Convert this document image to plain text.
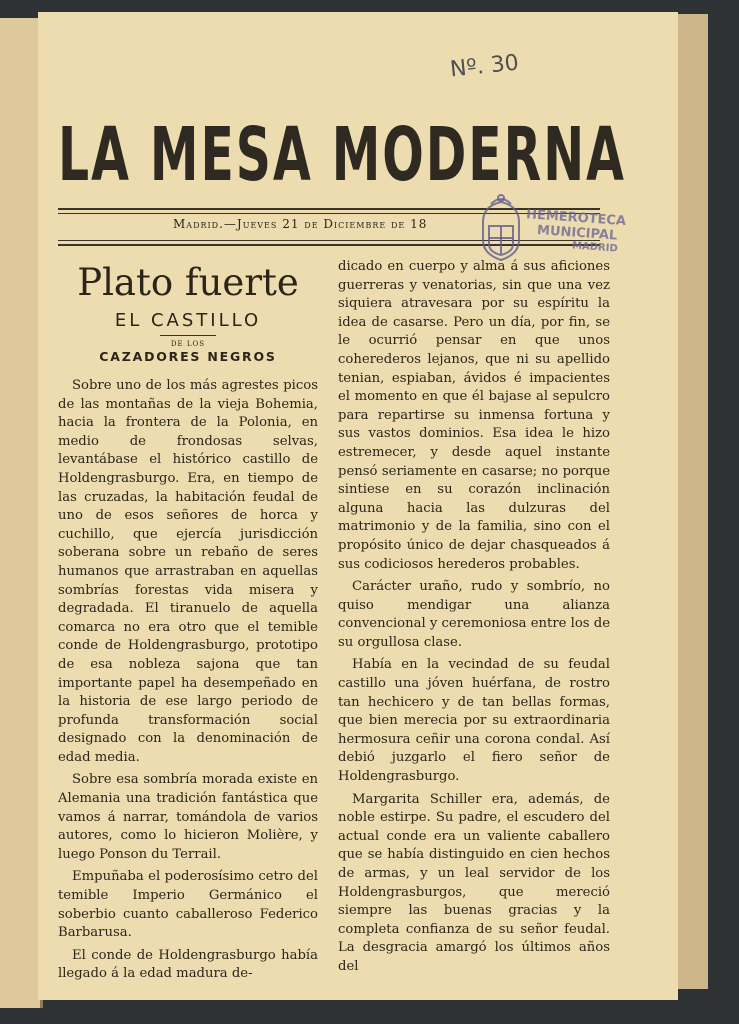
Nº. 30
LA MESA MODERNA
Madrid.—Jueves 21 de Diciembre de 18	HEMEROTECA
MUNICIPAL
MADRID
Plato fuerte
EL CASTILLO
DE LOS
CAZADORES NEGROS

Sobre uno de los más agrestes picos de las montañas de la vieja Bohemia, hacia la frontera de la Polonia, en medio de frondosas selvas, levantábase el histórico castillo de Holdengrasburgo. Era, en tiempo de las cruzadas, la habitación feudal de uno de esos señores de horca y cuchillo, que ejercía jurisdicción soberana sobre un rebaño de seres humanos que arrastraban en aquellas sombrías forestas vida misera y degradada. El tiranuelo de aquella comarca no era otro que el temible conde de Holdengrasburgo, prototipo de esa nobleza sajona que tan importante papel ha desempeñado en la historia de ese largo periodo de profunda transformación social designado con la denominación de edad media.

Sobre esa sombría morada existe en Alemania una tradición fantástica que vamos á narrar, tomándola de varios autores, como lo hicieron Molière, y luego Ponson du Terrail.

Empuñaba el poderosísimo cetro del temible Imperio Germánico el soberbio cuanto caballeroso Federico Barbarusa.

El conde de Holdengrasburgo había llegado á la edad madura de-

dicado en cuerpo y alma á sus aficiones guerreras y venatorias, sin que una vez siquiera atravesara por su espíritu la idea de casarse. Pero un día, por fin, se le ocurrió pensar en que unos coherederos lejanos, que ni su apellido tenian, espiaban, ávidos é impacientes el momento en que él bajase al sepulcro para repartirse su inmensa fortuna y sus vastos dominios. Esa idea le hizo estremecer, y desde aquel instante pensó seriamente en casarse; no porque sintiese en su corazón inclinación alguna hacia las dulzuras del matrimonio y de la familia, sino con el propósito único de dejar chasqueados á sus codiciosos herederos probables.

Carácter uraño, rudo y sombrío, no quiso mendigar una alianza convencional y ceremoniosa entre los de su orgullosa clase.

Había en la vecindad de su feudal castillo una jóven huérfana, de rostro tan hechicero y de tan bellas formas, que bien merecia por su extraordinaria hermosura ceñir una corona condal. Así debió juzgarlo el fiero señor de Holdengrasburgo.

Margarita Schiller era, además, de noble estirpe. Su padre, el escudero del actual conde era un valiente caballero que se había distinguido en cien hechos de armas, y un leal servidor de los Holdengrasburgos, que mereció siempre las buenas gracias y la completa confianza de su señor feudal. La desgracia amargó los últimos años del
